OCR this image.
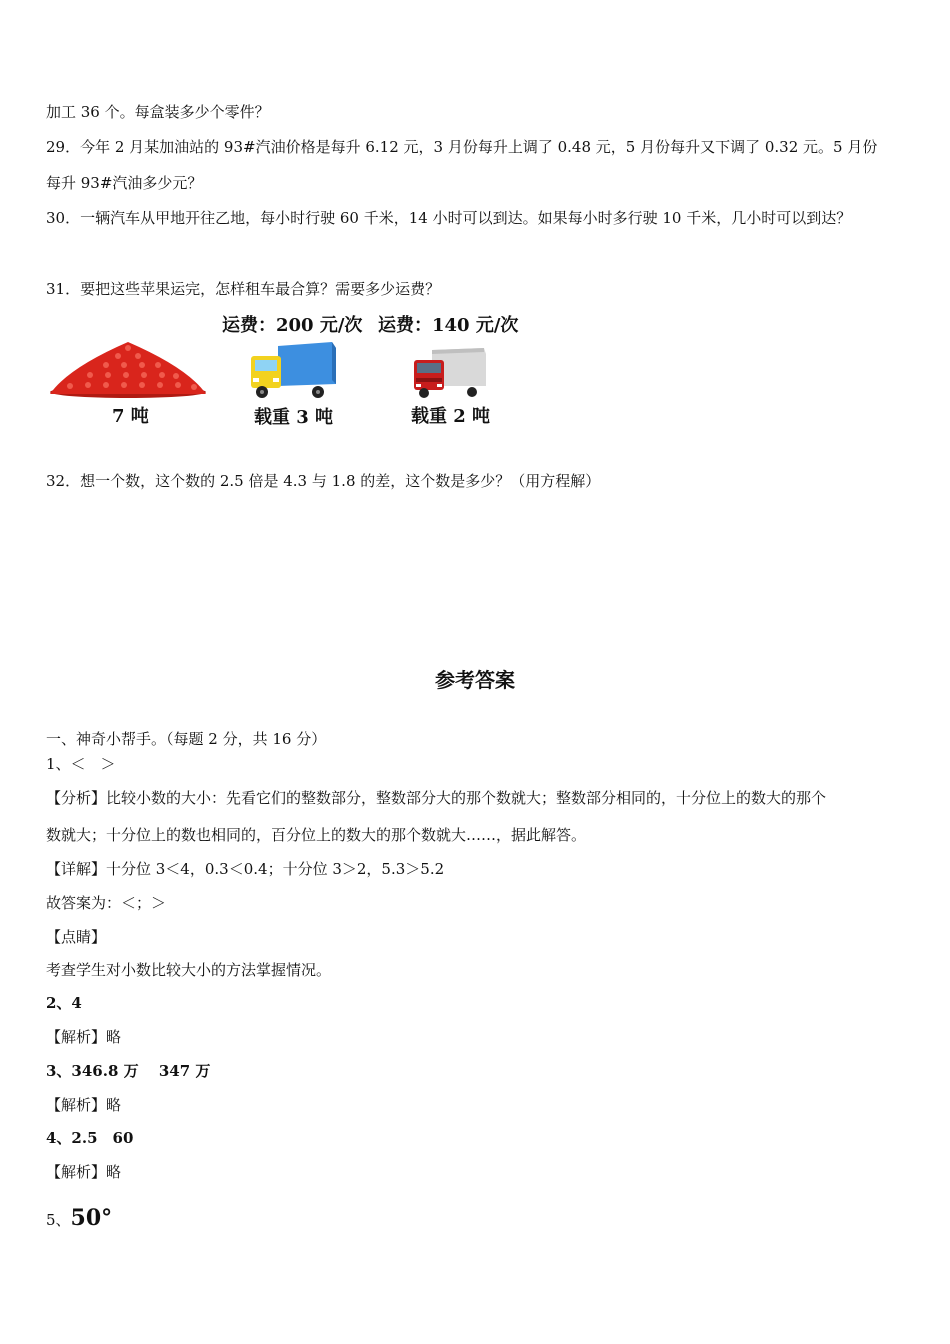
加工 36 个。每盒装多少个零件？
29．今年 2 月某加油站的 93#汽油价格是每升 6.12 元，3 月份每升上调了 0.48 元，5 月份每升又下调了 0.32 元。5 月份
每升 93#汽油多少元？
30．一辆汽车从甲地开往乙地，每小时行驶 60 千米，14 小时可以到达。如果每小时多行驶 10 千米，几小时可以到达？
31．要把这些苹果运完，怎样租车最合算？需要多少运费？
运费：200 元/次 运费：140 元/次
7 吨	载重 3 吨	载重 2 吨
32．想一个数，这个数的 2.5 倍是 4.3 与 1.8 的差，这个数是多少？（用方程解）
参考答案
一、神奇小帮手。（每题 2 分，共 16 分）
1、＜　＞
【分析】比较小数的大小：先看它们的整数部分，整数部分大的那个数就大；整数部分相同的，十分位上的数大的那个
数就大；十分位上的数也相同的，百分位上的数大的那个数就大……，据此解答。
【详解】十分位 3＜4，0.3＜0.4；十分位 3＞2，5.3＞5.2
故答案为：＜；＞
【点睛】
考查学生对小数比较大小的方法掌握情况。
2、4
【解析】略
3、346.8 万　 347 万
【解析】略
4、2.5　60
【解析】略
5、50°
